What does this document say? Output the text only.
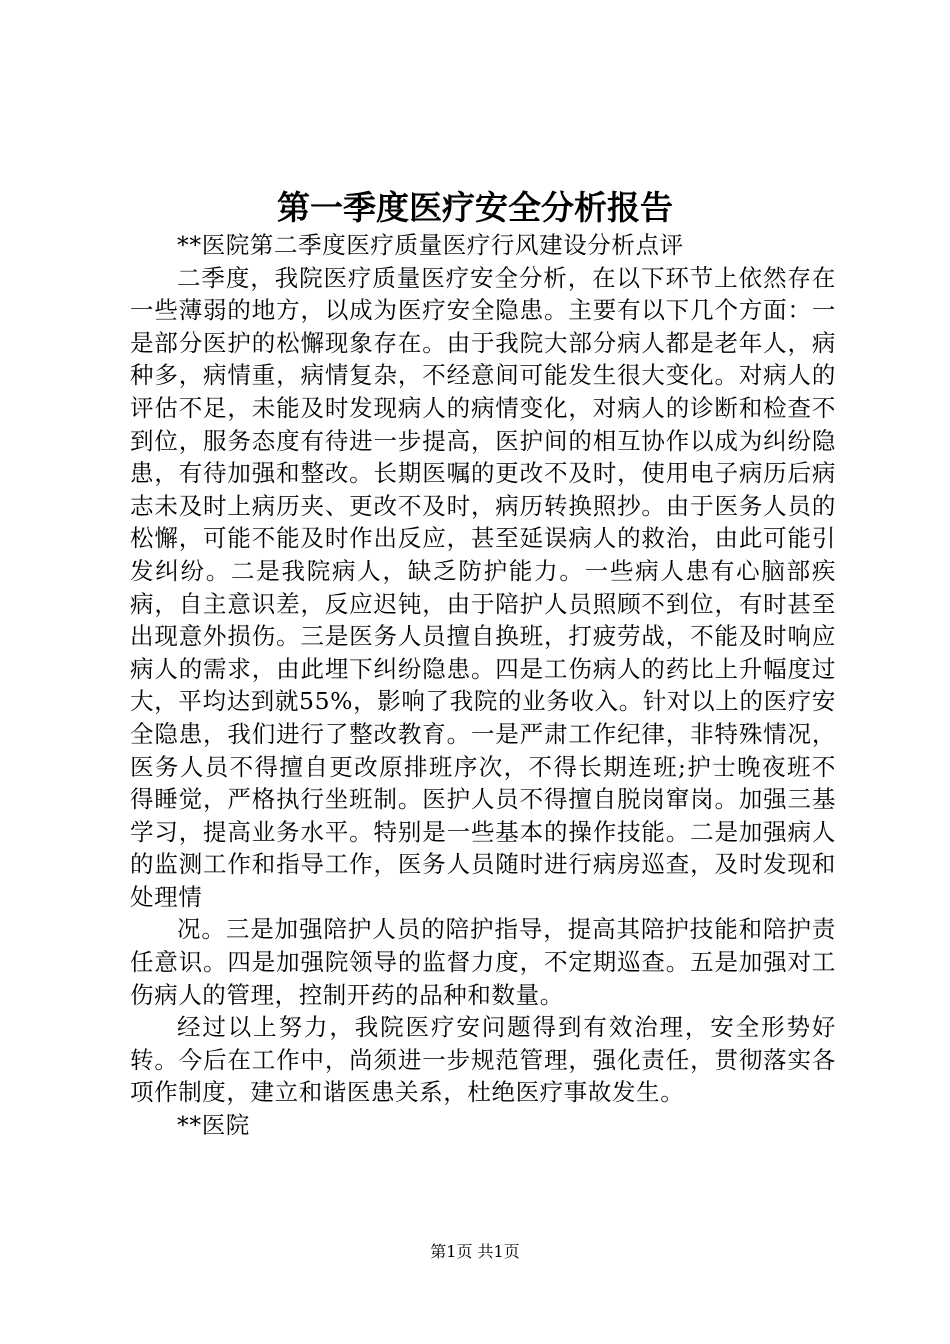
第一季度医疗安全分析报告

**医院第二季度医疗质量医疗行风建设分析点评

二季度，我院医疗质量医疗安全分析，在以下环节上依然存在一些薄弱的地方，以成为医疗安全隐患。主要有以下几个方面：一是部分医护的松懈现象存在。由于我院大部分病人都是老年人，病种多，病情重，病情复杂，不经意间可能发生很大变化。对病人的评估不足，未能及时发现病人的病情变化，对病人的诊断和检查不到位，服务态度有待进一步提高，医护间的相互协作以成为纠纷隐患，有待加强和整改。长期医嘱的更改不及时，使用电子病历后病志未及时上病历夹、更改不及时，病历转换照抄。由于医务人员的松懈，可能不能及时作出反应，甚至延误病人的救治，由此可能引发纠纷。二是我院病人，缺乏防护能力。一些病人患有心脑部疾病，自主意识差，反应迟钝，由于陪护人员照顾不到位，有时甚至出现意外损伤。三是医务人员擅自换班，打疲劳战，不能及时响应病人的需求，由此埋下纠纷隐患。四是工伤病人的药比上升幅度过大，平均达到就55%，影响了我院的业务收入。针对以上的医疗安全隐患，我们进行了整改教育。一是严肃工作纪律，非特殊情况，医务人员不得擅自更改原排班序次，不得长期连班;护士晚夜班不得睡觉，严格执行坐班制。医护人员不得擅自脱岗窜岗。加强三基学习，提高业务水平。特别是一些基本的操作技能。二是加强病人的监测工作和指导工作，医务人员随时进行病房巡查，及时发现和处理情

况。三是加强陪护人员的陪护指导，提高其陪护技能和陪护责任意识。四是加强院领导的监督力度，不定期巡查。五是加强对工伤病人的管理，控制开药的品种和数量。

经过以上努力，我院医疗安问题得到有效治理，安全形势好转。今后在工作中，尚须进一步规范管理，强化责任，贯彻落实各项作制度，建立和谐医患关系，杜绝医疗事故发生。

**医院

第1页 共1页
